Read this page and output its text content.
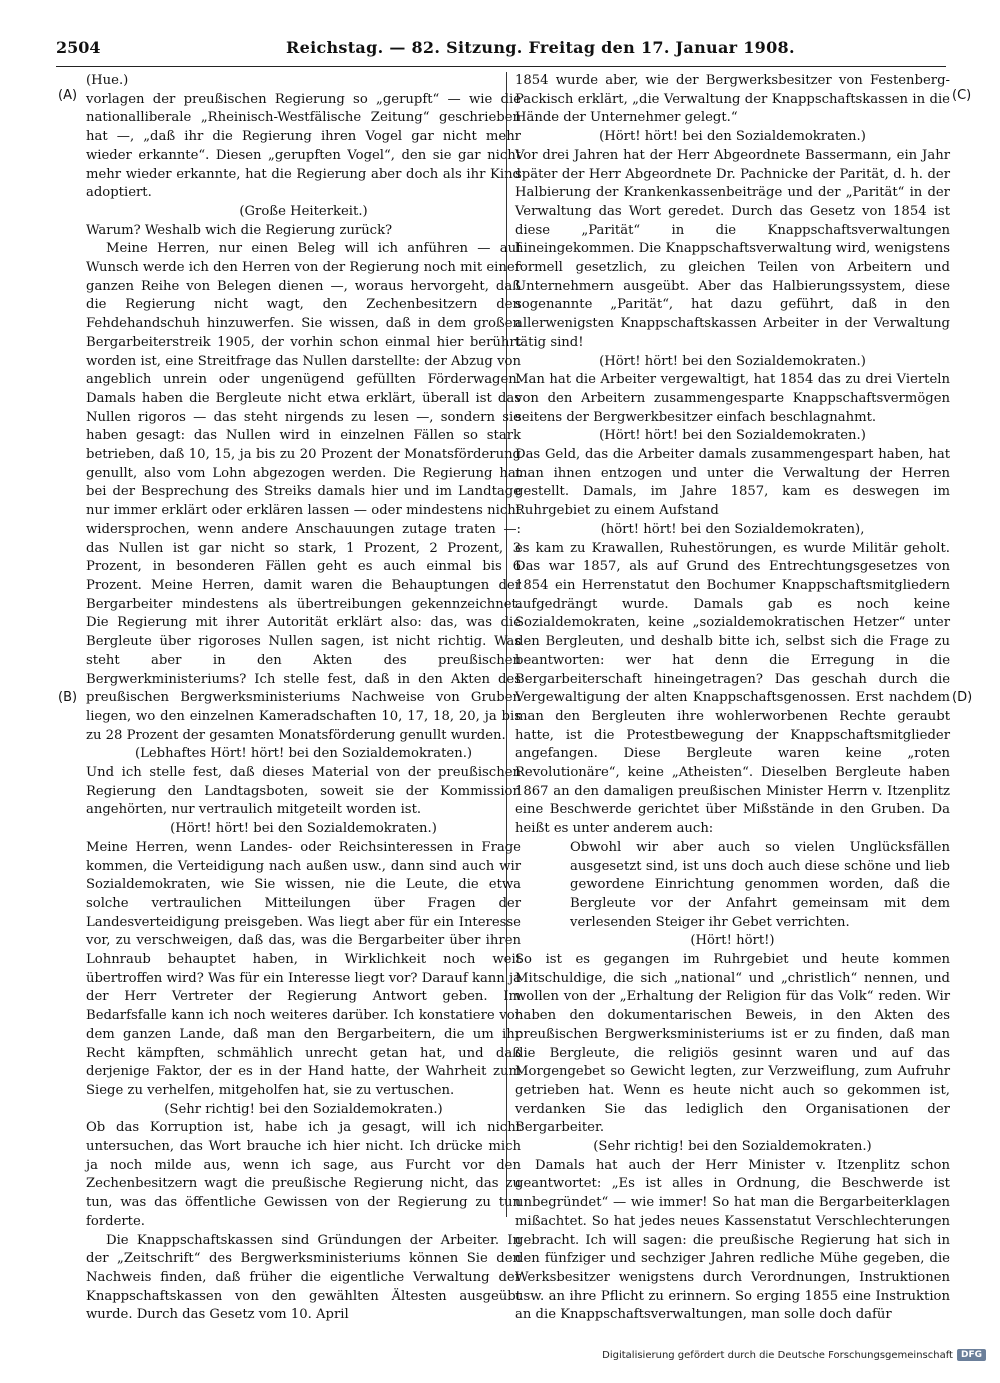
2504	Reichstag. — 82. Sitzung. Freitag den 17. Januar 1908.
(A)
(B)
(C)
(D)

(Hue.)

vorlagen der preußischen Regierung so „gerupft“ — wie die nationalliberale „Rheinisch-Westfälische Zeitung“ geschrieben hat —, „daß ihr die Regierung ihren Vogel gar nicht mehr wieder erkannte“. Diesen „gerupften Vogel“, den sie gar nicht mehr wieder erkannte, hat die Regierung aber doch als ihr Kind adoptiert.

(Große Heiterkeit.)

Warum? Weshalb wich die Regierung zurück?

Meine Herren, nur einen Beleg will ich anführen — auf Wunsch werde ich den Herren von der Regierung noch mit einer ganzen Reihe von Belegen dienen —, woraus hervorgeht, daß die Regierung nicht wagt, den Zechenbesitzern den Fehdehandschuh hinzuwerfen. Sie wissen, daß in dem großen Bergarbeiterstreik 1905, der vorhin schon einmal hier berührt worden ist, eine Streitfrage das Nullen darstellte: der Abzug von angeblich unrein oder ungenügend gefüllten Förderwagen. Damals haben die Bergleute nicht etwa erklärt, überall ist das Nullen rigoros — das steht nirgends zu lesen —, sondern sie haben gesagt: das Nullen wird in einzelnen Fällen so stark betrieben, daß 10, 15, ja bis zu 20 Prozent der Monatsförderung genullt, also vom Lohn abgezogen werden. Die Regierung hat bei der Besprechung des Streiks damals hier und im Landtage nur immer erklärt oder erklären lassen — oder mindestens nicht widersprochen, wenn andere Anschauungen zutage traten —: das Nullen ist gar nicht so stark, 1 Prozent, 2 Prozent, 3 Prozent, in besonderen Fällen geht es auch einmal bis 6 Prozent. Meine Herren, damit waren die Behauptungen der Bergarbeiter mindestens als übertreibungen gekennzeichnet. Die Regierung mit ihrer Autorität erklärt also: das, was die Bergleute über rigoroses Nullen sagen, ist nicht richtig. Was steht aber in den Akten des preußischen Bergwerkministeriums? Ich stelle fest, daß in den Akten des preußischen Bergwerksministeriums Nachweise von Gruben liegen, wo den einzelnen Kameradschaften 10, 17, 18, 20, ja bis zu 28 Prozent der gesamten Monatsförderung genullt wurden.

(Lebhaftes Hört! hört! bei den Sozialdemokraten.)

Und ich stelle fest, daß dieses Material von der preußischen Regierung den Landtagsboten, soweit sie der Kommission angehörten, nur vertraulich mitgeteilt worden ist.

(Hört! hört! bei den Sozialdemokraten.)

Meine Herren, wenn Landes- oder Reichsinteressen in Frage kommen, die Verteidigung nach außen usw., dann sind auch wir Sozialdemokraten, wie Sie wissen, nie die Leute, die etwa solche vertraulichen Mitteilungen über Fragen der Landesverteidigung preisgeben. Was liegt aber für ein Interesse vor, zu verschweigen, daß das, was die Bergarbeiter über ihren Lohnraub behauptet haben, in Wirklichkeit noch weit übertroffen wird? Was für ein Interesse liegt vor? Darauf kann ja der Herr Vertreter der Regierung Antwort geben. Im Bedarfsfalle kann ich noch weiteres darüber. Ich konstatiere vor dem ganzen Lande, daß man den Bergarbeitern, die um ihr Recht kämpften, schmählich unrecht getan hat, und daß derjenige Faktor, der es in der Hand hatte, der Wahrheit zum Siege zu verhelfen, mitgeholfen hat, sie zu vertuschen.

(Sehr richtig! bei den Sozialdemokraten.)

Ob das Korruption ist, habe ich ja gesagt, will ich nicht untersuchen, das Wort brauche ich hier nicht. Ich drücke mich ja noch milde aus, wenn ich sage, aus Furcht vor den Zechenbesitzern wagt die preußische Regierung nicht, das zu tun, was das öffentliche Gewissen von der Regierung zu tun forderte.

Die Knappschaftskassen sind Gründungen der Arbeiter. In der „Zeitschrift“ des Bergwerksministeriums können Sie den Nachweis finden, daß früher die eigentliche Verwaltung der Knappschaftskassen von den gewählten Ältesten ausgeübt wurde. Durch das Gesetz vom 10. April

1854 wurde aber, wie der Bergwerksbesitzer von Festenberg-Packisch erklärt, „die Verwaltung der Knappschaftskassen in die Hände der Unternehmer gelegt.“

(Hört! hört! bei den Sozialdemokraten.)

Vor drei Jahren hat der Herr Abgeordnete Bassermann, ein Jahr später der Herr Abgeordnete Dr. Pachnicke der Parität, d. h. der Halbierung der Krankenkassenbeiträge und der „Parität“ in der Verwaltung das Wort geredet. Durch das Gesetz von 1854 ist diese „Parität“ in die Knappschaftsverwaltungen hineingekommen. Die Knappschaftsverwaltung wird, wenigstens formell gesetzlich, zu gleichen Teilen von Arbeitern und Unternehmern ausgeübt. Aber das Halbierungssystem, diese sogenannte „Parität“, hat dazu geführt, daß in den allerwenigsten Knappschaftskassen Arbeiter in der Verwaltung tätig sind!

(Hört! hört! bei den Sozialdemokraten.)

Man hat die Arbeiter vergewaltigt, hat 1854 das zu drei Vierteln von den Arbeitern zusammengesparte Knappschaftsvermögen seitens der Bergwerkbesitzer einfach beschlagnahmt.

(Hört! hört! bei den Sozialdemokraten.)

Das Geld, das die Arbeiter damals zusammengespart haben, hat man ihnen entzogen und unter die Verwaltung der Herren gestellt. Damals, im Jahre 1857, kam es deswegen im Ruhrgebiet zu einem Aufstand

(hört! hört! bei den Sozialdemokraten),

es kam zu Krawallen, Ruhestörungen, es wurde Militär geholt. Das war 1857, als auf Grund des Entrechtungsgesetzes von 1854 ein Herrenstatut den Bochumer Knappschaftsmitgliedern aufgedrängt wurde. Damals gab es noch keine Sozialdemokraten, keine „sozialdemokratischen Hetzer“ unter den Bergleuten, und deshalb bitte ich, selbst sich die Frage zu beantworten: wer hat denn die Erregung in die Bergarbeiterschaft hineingetragen? Das geschah durch die Vergewaltigung der alten Knappschaftsgenossen. Erst nachdem man den Bergleuten ihre wohlerworbenen Rechte geraubt hatte, ist die Protestbewegung der Knappschaftsmitglieder angefangen. Diese Bergleute waren keine „roten Revolutionäre“, keine „Atheisten“. Dieselben Bergleute haben 1867 an den damaligen preußischen Minister Herrn v. Itzenplitz eine Beschwerde gerichtet über Mißstände in den Gruben. Da heißt es unter anderem auch:

Obwohl wir aber auch so vielen Unglücksfällen ausgesetzt sind, ist uns doch auch diese schöne und lieb gewordene Einrichtung genommen worden, daß die Bergleute vor der Anfahrt gemeinsam mit dem verlesenden Steiger ihr Gebet verrichten.

(Hört! hört!)

So ist es gegangen im Ruhrgebiet und heute kommen Mitschuldige, die sich „national“ und „christlich“ nennen, und wollen von der „Erhaltung der Religion für das Volk“ reden. Wir haben den dokumentarischen Beweis, in den Akten des preußischen Bergwerksministeriums ist er zu finden, daß man die Bergleute, die religiös gesinnt waren und auf das Morgengebet so Gewicht legten, zur Verzweiflung, zum Aufruhr getrieben hat. Wenn es heute nicht auch so gekommen ist, verdanken Sie das lediglich den Organisationen der Bergarbeiter.

(Sehr richtig! bei den Sozialdemokraten.)

Damals hat auch der Herr Minister v. Itzenplitz schon geantwortet: „Es ist alles in Ordnung, die Beschwerde ist unbegründet“ — wie immer! So hat man die Bergarbeiterklagen mißachtet. So hat jedes neues Kassenstatut Verschlechterungen gebracht. Ich will sagen: die preußische Regierung hat sich in den fünfziger und sechziger Jahren redliche Mühe gegeben, die Werksbesitzer wenigstens durch Verordnungen, Instruktionen usw. an ihre Pflicht zu erinnern. So erging 1855 eine Instruktion an die Knappschaftsverwaltungen, man solle doch dafür

Digitalisierung gefördert durch die Deutsche Forschungsgemeinschaft DFG
